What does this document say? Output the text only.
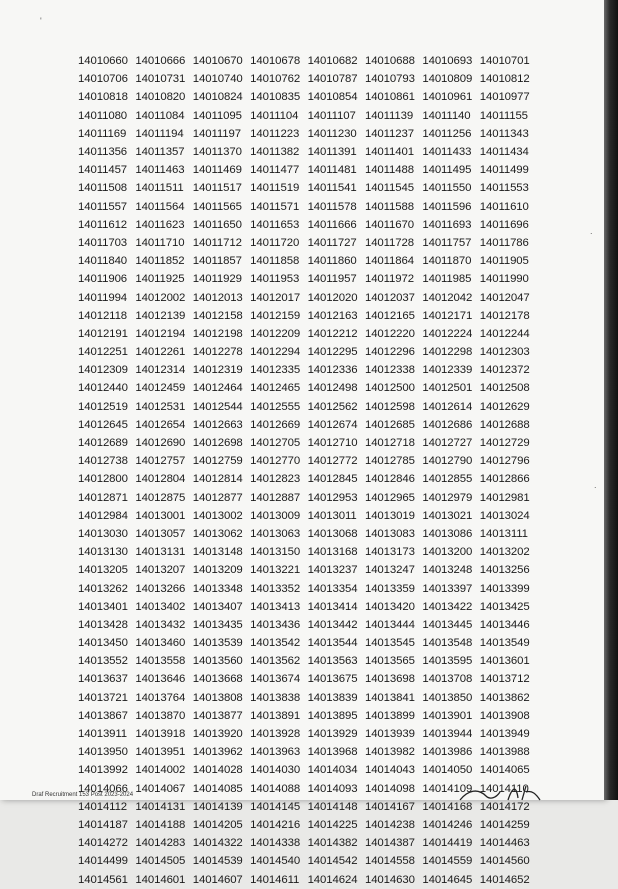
'
.
.
14010660 14010666 14010670 14010678 14010682 14010688 14010693 14010701
14010706 14010731 14010740 14010762 14010787 14010793 14010809 14010812
14010818 14010820 14010824 14010835 14010854 14010861 14010961 14010977
14011080 14011084 14011095 14011104 14011107 14011139 14011140 14011155
14011169 14011194 14011197 14011223 14011230 14011237 14011256 14011343
14011356 14011357 14011370 14011382 14011391 14011401 14011433 14011434
14011457 14011463 14011469 14011477 14011481 14011488 14011495 14011499
14011508 14011511 14011517 14011519 14011541 14011545 14011550 14011553
14011557 14011564 14011565 14011571 14011578 14011588 14011596 14011610
14011612 14011623 14011650 14011653 14011666 14011670 14011693 14011696
14011703 14011710 14011712 14011720 14011727 14011728 14011757 14011786
14011840 14011852 14011857 14011858 14011860 14011864 14011870 14011905
14011906 14011925 14011929 14011953 14011957 14011972 14011985 14011990
14011994 14012002 14012013 14012017 14012020 14012037 14012042 14012047
14012118 14012139 14012158 14012159 14012163 14012165 14012171 14012178
14012191 14012194 14012198 14012209 14012212 14012220 14012224 14012244
14012251 14012261 14012278 14012294 14012295 14012296 14012298 14012303
14012309 14012314 14012319 14012335 14012336 14012338 14012339 14012372
14012440 14012459 14012464 14012465 14012498 14012500 14012501 14012508
14012519 14012531 14012544 14012555 14012562 14012598 14012614 14012629
14012645 14012654 14012663 14012669 14012674 14012685 14012686 14012688
14012689 14012690 14012698 14012705 14012710 14012718 14012727 14012729
14012738 14012757 14012759 14012770 14012772 14012785 14012790 14012796
14012800 14012804 14012814 14012823 14012845 14012846 14012855 14012866
14012871 14012875 14012877 14012887 14012953 14012965 14012979 14012981
14012984 14013001 14013002 14013009 14013011 14013019 14013021 14013024
14013030 14013057 14013062 14013063 14013068 14013083 14013086 14013111
14013130 14013131 14013148 14013150 14013168 14013173 14013200 14013202
14013205 14013207 14013209 14013221 14013237 14013247 14013248 14013256
14013262 14013266 14013348 14013352 14013354 14013359 14013397 14013399
14013401 14013402 14013407 14013413 14013414 14013420 14013422 14013425
14013428 14013432 14013435 14013436 14013442 14013444 14013445 14013446
14013450 14013460 14013539 14013542 14013544 14013545 14013548 14013549
14013552 14013558 14013560 14013562 14013563 14013565 14013595 14013601
14013637 14013646 14013668 14013674 14013675 14013698 14013708 14013712
14013721 14013764 14013808 14013838 14013839 14013841 14013850 14013862
14013867 14013870 14013877 14013891 14013895 14013899 14013901 14013908
14013911 14013918 14013920 14013928 14013929 14013939 14013944 14013949
14013950 14013951 14013962 14013963 14013968 14013982 14013986 14013988
14013992 14014002 14014028 14014030 14014034 14014043 14014050 14014065
14014066 14014067 14014085 14014088 14014093 14014098 14014109 14014110
14014112 14014131 14014139 14014145 14014148 14014167 14014168 14014172
14014187 14014188 14014205 14014216 14014225 14014238 14014246 14014259
14014272 14014283 14014322 14014338 14014382 14014387 14014419 14014463
14014499 14014505 14014539 14014540 14014542 14014558 14014559 14014560
14014561 14014601 14014607 14014611 14014624 14014630 14014645 14014652
Draf Recruitment 153 Post 2023-2024
